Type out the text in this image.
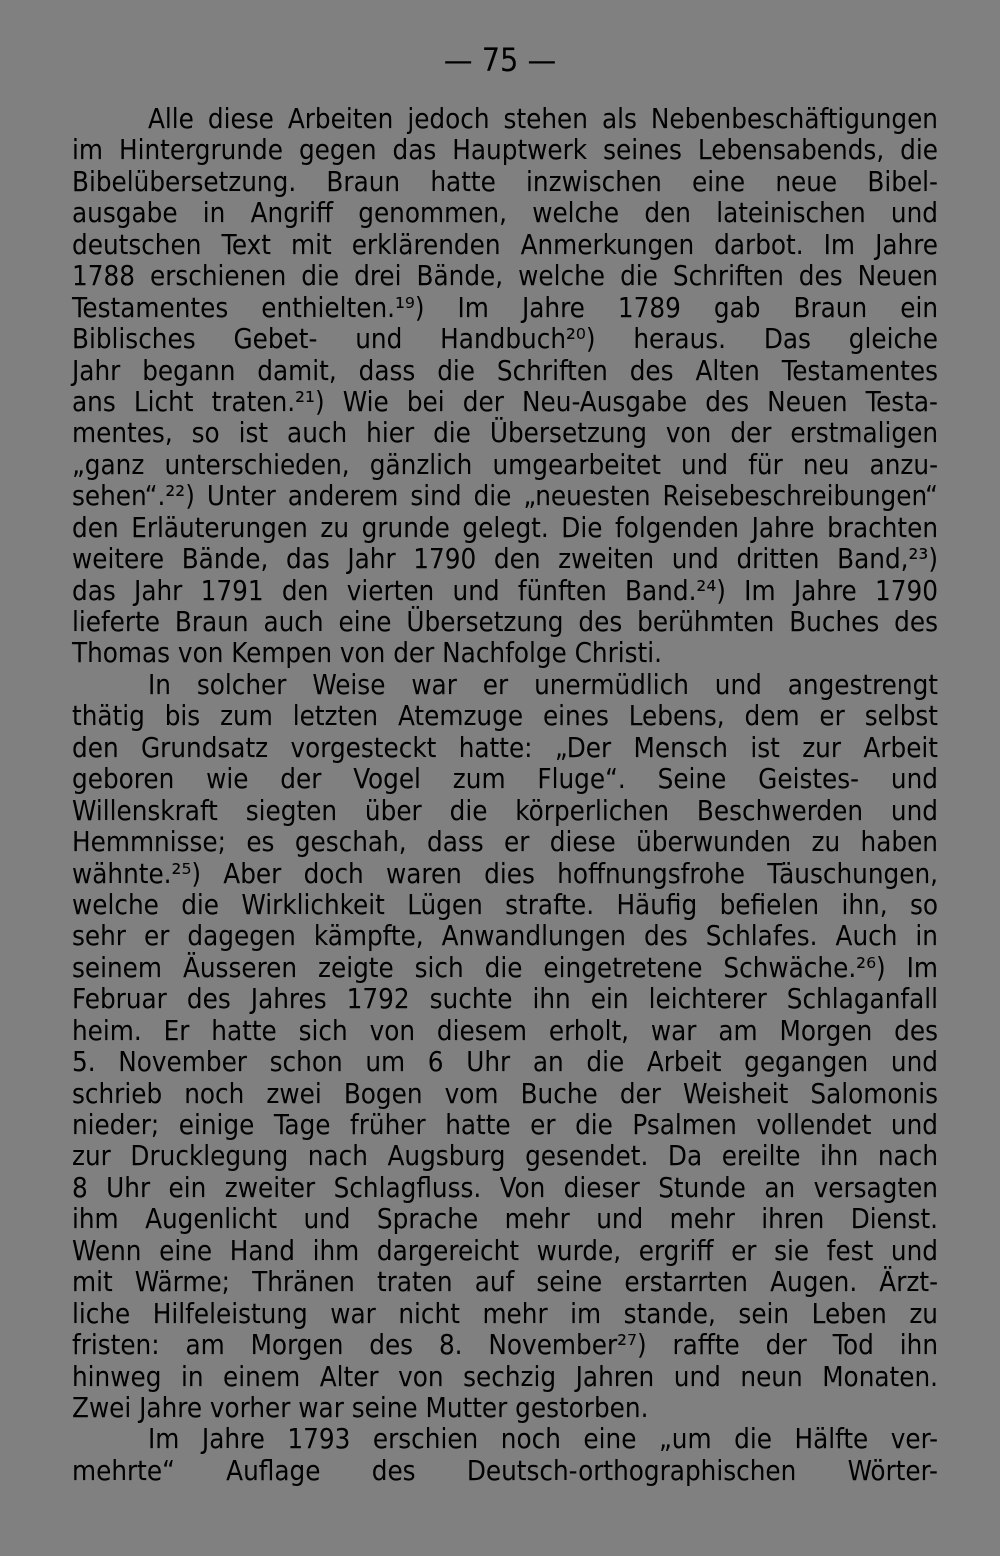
— 75 —
Alle diese Arbeiten jedoch stehen als Nebenbeschäftigungen
im Hintergrunde gegen das Hauptwerk seines Lebensabends, die
Bibelübersetzung. Braun hatte inzwischen eine neue Bibel-
ausgabe in Angriff genommen, welche den lateinischen und
deutschen Text mit erklärenden Anmerkungen darbot. Im Jahre
1788 erschienen die drei Bände, welche die Schriften des Neuen
Testamentes enthielten.¹⁹) Im Jahre 1789 gab Braun ein
Biblisches Gebet- und Handbuch²⁰) heraus. Das gleiche
Jahr begann damit, dass die Schriften des Alten Testamentes
ans Licht traten.²¹) Wie bei der Neu-Ausgabe des Neuen Testa-
mentes, so ist auch hier die Übersetzung von der erstmaligen
„ganz unterschieden, gänzlich umgearbeitet und für neu anzu-
sehen“.²²) Unter anderem sind die „neuesten Reisebeschreibungen“
den Erläuterungen zu grunde gelegt. Die folgenden Jahre brachten
weitere Bände, das Jahr 1790 den zweiten und dritten Band,²³)
das Jahr 1791 den vierten und fünften Band.²⁴) Im Jahre 1790
lieferte Braun auch eine Übersetzung des berühmten Buches des
Thomas von Kempen von der Nachfolge Christi.
In solcher Weise war er unermüdlich und angestrengt
thätig bis zum letzten Atemzuge eines Lebens, dem er selbst
den Grundsatz vorgesteckt hatte: „Der Mensch ist zur Arbeit
geboren wie der Vogel zum Fluge“. Seine Geistes- und
Willenskraft siegten über die körperlichen Beschwerden und
Hemmnisse; es geschah, dass er diese überwunden zu haben
wähnte.²⁵) Aber doch waren dies hoffnungsfrohe Täuschungen,
welche die Wirklichkeit Lügen strafte. Häufig befielen ihn, so
sehr er dagegen kämpfte, Anwandlungen des Schlafes. Auch in
seinem Äusseren zeigte sich die eingetretene Schwäche.²⁶) Im
Februar des Jahres 1792 suchte ihn ein leichterer Schlaganfall
heim. Er hatte sich von diesem erholt, war am Morgen des
5. November schon um 6 Uhr an die Arbeit gegangen und
schrieb noch zwei Bogen vom Buche der Weisheit Salomonis
nieder; einige Tage früher hatte er die Psalmen vollendet und
zur Drucklegung nach Augsburg gesendet. Da ereilte ihn nach
8 Uhr ein zweiter Schlagfluss. Von dieser Stunde an versagten
ihm Augenlicht und Sprache mehr und mehr ihren Dienst.
Wenn eine Hand ihm dargereicht wurde, ergriff er sie fest und
mit Wärme; Thränen traten auf seine erstarrten Augen. Ärzt-
liche Hilfeleistung war nicht mehr im stande, sein Leben zu
fristen: am Morgen des 8. November²⁷) raffte der Tod ihn
hinweg in einem Alter von sechzig Jahren und neun Monaten.
Zwei Jahre vorher war seine Mutter gestorben.
Im Jahre 1793 erschien noch eine „um die Hälfte ver-
mehrte“ Auflage des Deutsch-orthographischen Wörter-
